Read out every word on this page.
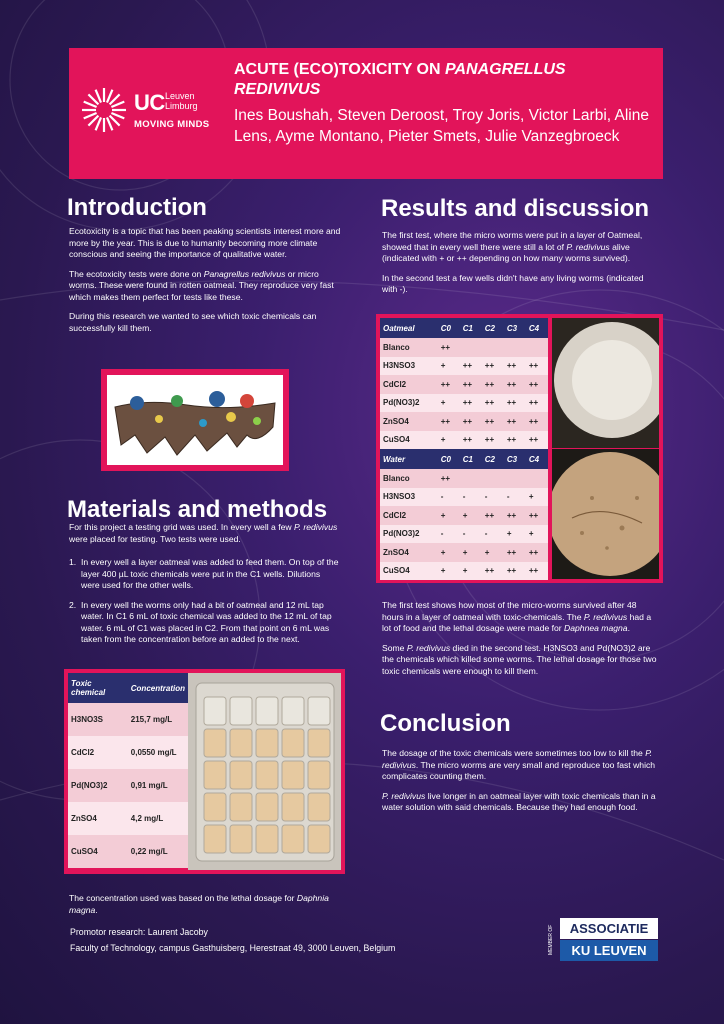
UC Leuven
Limburg
MOVING MINDS
ACUTE (ECO)TOXICITY ON PANAGRELLUS REDIVIVUS
Ines Boushah, Steven Deroost, Troy Joris, Victor Larbi, Aline Lens, Ayme Montano, Pieter Smets, Julie Vanzegbroeck
Introduction
Ecotoxicity is a topic that has been peaking scientists interest more and more by the year. This is due to humanity becoming more climate conscious and seeing the importance of qualitative water.
The ecotoxicity tests were done on Panagrellus redivivus or micro worms. These were found in rotten oatmeal. They reproduce very fast which makes them perfect for tests like these.
During this research we wanted to see which toxic chemicals can successfully kill them.
Materials and methods
For this project a testing grid was used. In every well a few P. redivivus were placed for testing. Two tests were used.
1. In every well a layer oatmeal was added to feed them. On top of the layer 400 µL toxic chemicals were put in the C1 wells. Dilutions were used for the other wells.
2. In every well the worms only had a bit of oatmeal and 12 mL tap water. In C1 6 mL of toxic chemical was added to the 12 mL of tap water. 6 mL of C1 was placed in C2. From that point on 6 mL was taken from the concentration before an added to the next.
Toxic chemical	Concentration
H3NO3S	215,7 mg/L
CdCl2	0,0550 mg/L
Pd(NO3)2	0,91 mg/L
ZnSO4	4,2 mg/L
CuSO4	0,22 mg/L
The concentration used was based on the lethal dosage for Daphnia magna.
Results and discussion
The first test, where the micro worms were put in a layer of Oatmeal, showed that in every well there were still a lot of P. redivivus alive (indicated with + or ++ depending on how many worms survived).
In the second test a few wells didn't have any living worms (indicated with -).
Oatmeal	C0	C1	C2	C3	C4
Blanco	++				
H3NSO3	+	++	++	++	++
CdCl2	++	++	++	++	++
Pd(NO3)2	+	++	++	++	++
ZnSO4	++	++	++	++	++
CuSO4	+	++	++	++	++
Water	C0	C1	C2	C3	C4
Blanco	++				
H3NSO3	-	-	-	-	+
CdCl2	+	+	++	++	++
Pd(NO3)2	-	-	-	+	+
ZnSO4	+	+	+	++	++
CuSO4	+	+	++	++	++
The first test shows how most of the micro-worms survived after 48 hours in a layer of oatmeal with toxic-chemicals. The P. redivivus had a lot of food and the lethal dosage were made for Daphnea magna.
Some P. redivivus died in the second test. H3NSO3 and Pd(NO3)2 are the chemicals which killed some worms. The lethal dosage for those two toxic chemicals were enough to kill them.
Conclusion
The dosage of the toxic chemicals were sometimes too low to kill the P. redivivus. The micro worms are very small and reproduce too fast which complicates counting them.
P. redivivus live longer in an oatmeal layer with toxic chemicals than in a water solution with said chemicals. Because they had enough food.
Promotor research: Laurent Jacoby
Faculty of Technology, campus Gasthuisberg, Herestraat 49, 3000 Leuven, Belgium	MEMBER OF	ASSOCIATIE
KU LEUVEN
